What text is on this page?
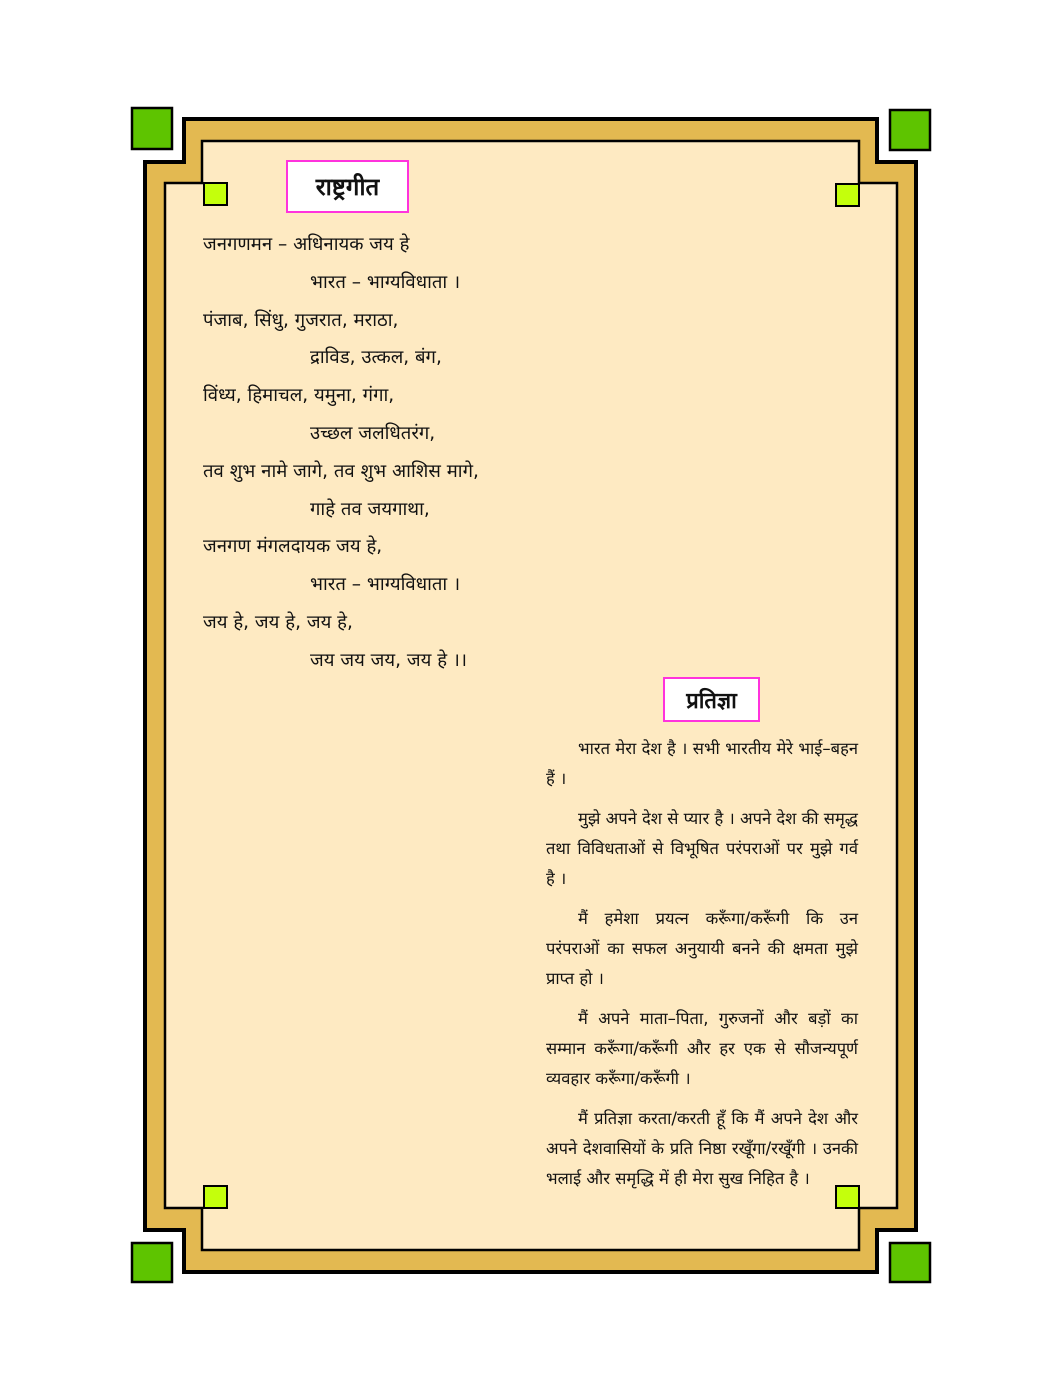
राष्ट्रगीत
जनगणमन – अधिनायक जय हे
भारत – भाग्यविधाता ।
पंजाब, सिंधु, गुजरात, मराठा,
द्राविड, उत्कल, बंग,
विंध्य, हिमाचल, यमुना, गंगा,
उच्छल जलधितरंग,
तव शुभ नामे जागे, तव शुभ आशिस मागे,
गाहे तव जयगाथा,
जनगण मंगलदायक जय हे,
भारत – भाग्यविधाता ।
जय हे, जय हे, जय हे,
जय जय जय, जय हे ।।
प्रतिज्ञा

भारत मेरा देश है । सभी भारतीय मेरे भाई–बहन हैं ।

मुझे अपने देश से प्यार है । अपने देश की समृद्ध तथा विविधताओं से विभूषित परंपराओं पर मुझे गर्व है ।

मैं हमेशा प्रयत्न करूँगा/करूँगी कि उन परंपराओं का सफल अनुयायी बनने की क्षमता मुझे प्राप्त हो ।

मैं अपने माता–पिता, गुरुजनों और बड़ों का सम्मान करूँगा/करूँगी और हर एक से सौजन्यपूर्ण व्यवहार करूँगा/करूँगी ।

मैं प्रतिज्ञा करता/करती हूँ कि मैं अपने देश और अपने देशवासियों के प्रति निष्ठा रखूँगा/रखूँगी । उनकी भलाई और समृद्धि में ही मेरा सुख निहित है ।
